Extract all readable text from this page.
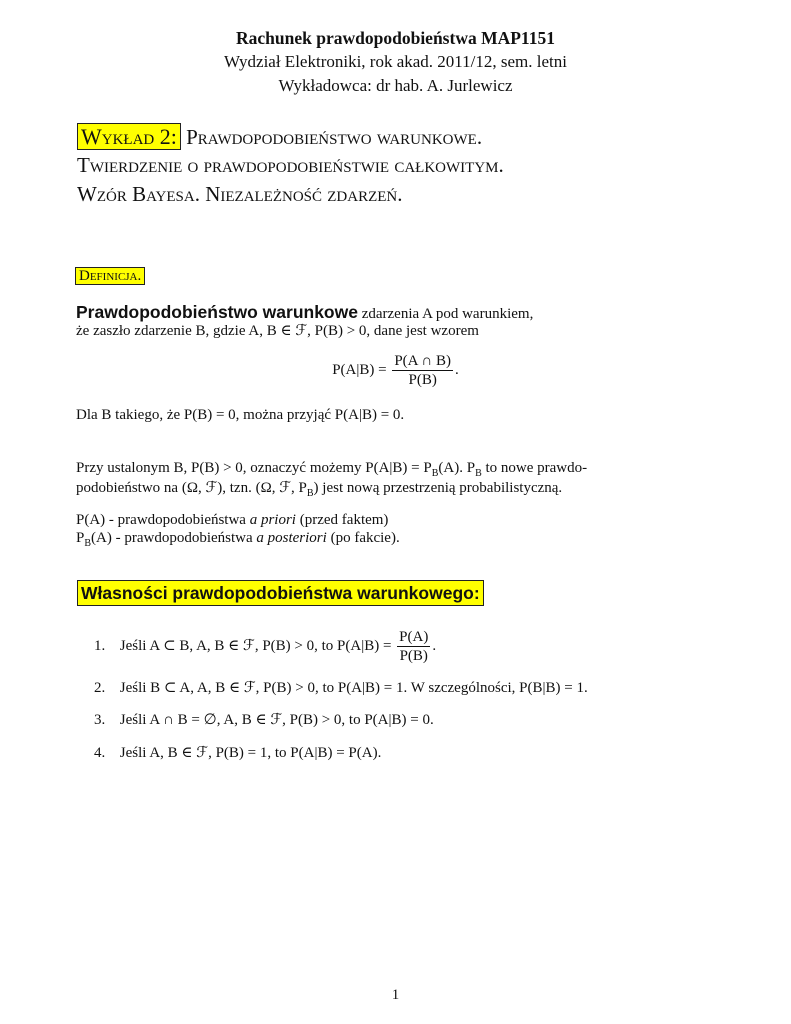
Rachunek prawdopodobieństwa MAP1151
Wydział Elektroniki, rok akad. 2011/12, sem. letni
Wykładowca: dr hab. A. Jurlewicz
Wykład 2: Prawdopodobieństwo warunkowe.
Twierdzenie o prawdopodobieństwie całkowitym.
Wzór Bayesa. Niezależność zdarzeń.
Definicja.
Prawdopodobieństwo warunkowe zdarzenia A pod warunkiem,
że zaszło zdarzenie B, gdzie A, B ∈ ℱ, P(B) > 0, dane jest wzorem
$P(A|B) = \frac{P(A \cap B)}{P(B)}$ .
Dla B takiego, że P(B) = 0, można przyjąć P(A|B) = 0.
Przy ustalonym B, P(B) > 0, oznaczyć możemy $P(A|B) = P_B(A)$. $P_B$ to nowe prawdo-
podobieństwo na (Ω, ℱ), tzn. (Ω, ℱ, $P_B$) jest nową przestrzenią probabilistyczną.
P(A) - prawdopodobieństwa a priori (przed faktem)
$P_B(A)$ - prawdopodobieństwa a posteriori (po fakcie).
Własności prawdopodobieństwa warunkowego:
1. Jeśli A ⊂ B, A, B ∈ ℱ, P(B) > 0, to $P(A|B) = \frac{P(A)}{P(B)}$ .
2. Jeśli B ⊂ A, A, B ∈ ℱ, P(B) > 0, to P(A|B) = 1. W szczególności, P(B|B) = 1.
3. Jeśli A ∩ B = ∅, A, B ∈ ℱ, P(B) > 0, to P(A|B) = 0.
4. Jeśli A, B ∈ ℱ, P(B) = 1, to P(A|B) = P(A).
1
